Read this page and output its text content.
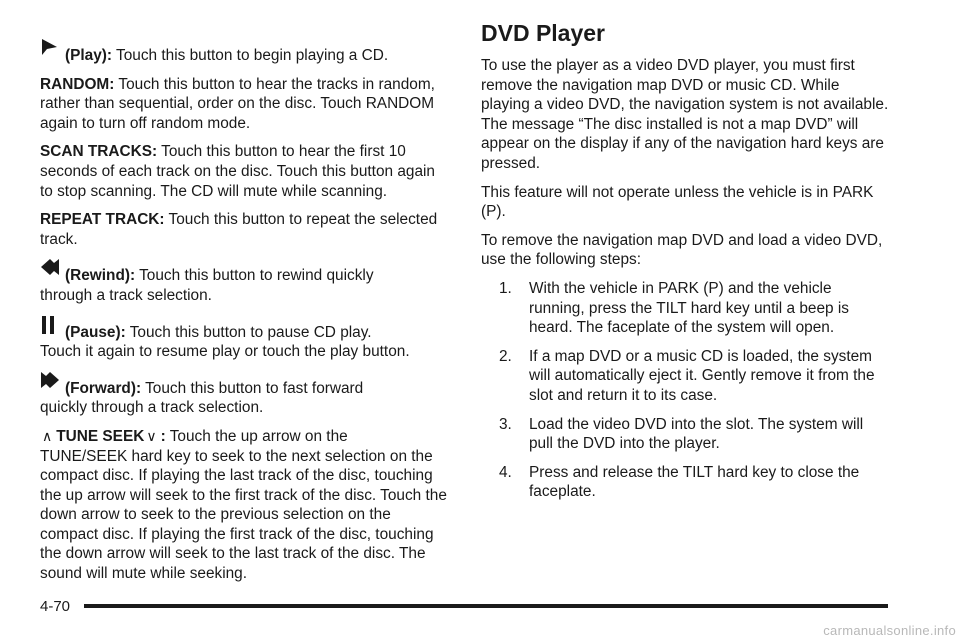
(Play): Touch this button to begin playing a CD.

RANDOM: Touch this button to hear the tracks in random, rather than sequential, order on the disc. Touch RANDOM again to turn off random mode.

SCAN TRACKS: Touch this button to hear the first 10 seconds of each track on the disc. Touch this button again to stop scanning. The CD will mute while scanning.

REPEAT TRACK: Touch this button to repeat the selected track.

(Rewind): Touch this button to rewind quickly
through a track selection.

(Pause): Touch this button to pause CD play.
Touch it again to resume play or touch the play button.

(Forward): Touch this button to fast forward
quickly through a track selection.

∧ TUNE SEEK ∨ : Touch the up arrow on the
TUNE/SEEK hard key to seek to the next selection on the compact disc. If playing the last track of the disc, touching the up arrow will seek to the first track of the disc. Touch the down arrow to seek to the previous selection on the compact disc. If playing the first track of the disc, touching the down arrow will seek to the last track of the disc. The sound will mute while seeking.

DVD Player

To use the player as a video DVD player, you must first remove the navigation map DVD or music CD. While playing a video DVD, the navigation system is not available. The message “The disc installed is not a map DVD” will appear on the display if any of the navigation hard keys are pressed.

This feature will not operate unless the vehicle is in PARK (P).

To remove the navigation map DVD and load a video DVD, use the following steps:

1.	With the vehicle in PARK (P) and the vehicle running, press the TILT hard key until a beep is heard. The faceplate of the system will open.
2.	If a map DVD or a music CD is loaded, the system will automatically eject it. Gently remove it from the slot and return it to its case.
3.	Load the video DVD into the slot. The system will pull the DVD into the player.
4.	Press and release the TILT hard key to close the faceplate.
4-70
carmanualsonline.info
